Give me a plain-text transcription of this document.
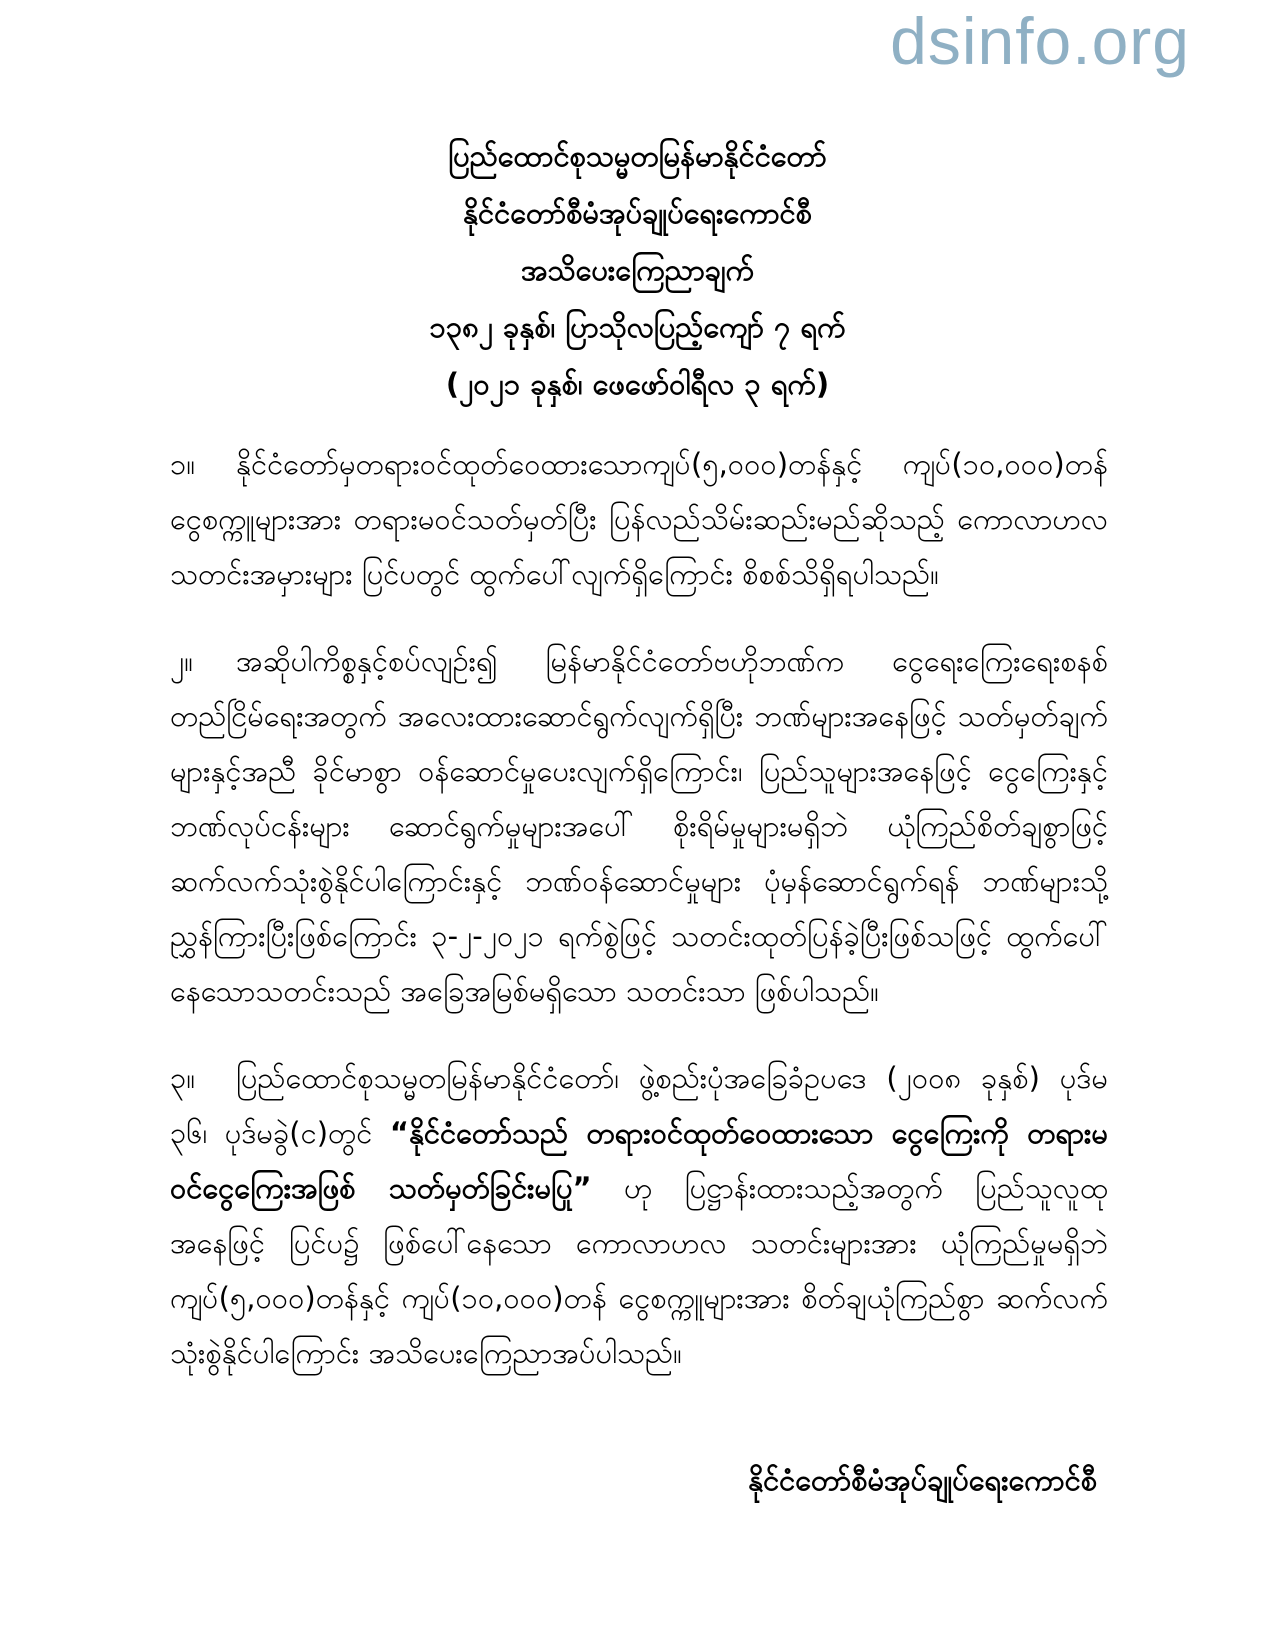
dsinfo.org
ပြည်ထောင်စုသမ္မတမြန်မာနိုင်ငံတော်
နိုင်ငံတော်စီမံအုပ်ချုပ်ရေးကောင်စီ
အသိပေးကြေညာချက်
၁၃၈၂ ခုနှစ်၊ ပြာသိုလပြည့်ကျော် ၇ ရက်
(၂၀၂၁ ခုနှစ်၊ ဖေဖော်ဝါရီလ ၃ ရက်)

၁။ နိုင်ငံတော်မှတရားဝင်ထုတ်ဝေထားသောကျပ်(၅,၀၀၀)တန်နှင့် ကျပ်(၁၀,၀၀၀)တန် ငွေစက္ကူများအား တရားမဝင်သတ်မှတ်ပြီး ပြန်လည်သိမ်းဆည်းမည်ဆိုသည့် ကောလာဟလ သတင်းအမှားများ ပြင်ပတွင် ထွက်ပေါ်လျက်ရှိကြောင်း စိစစ်သိရှိရပါသည်။

၂။ အဆိုပါကိစ္စနှင့်စပ်လျဉ်း၍ မြန်မာနိုင်ငံတော်ဗဟိုဘဏ်က ငွေရေးကြေးရေးစနစ် တည်ငြိမ်ရေးအတွက် အလေးထားဆောင်ရွက်လျက်ရှိပြီး ဘဏ်များအနေဖြင့် သတ်မှတ်ချက်များနှင့်အညီ ခိုင်မာစွာ ဝန်ဆောင်မှုပေးလျက်ရှိကြောင်း၊ ပြည်သူများအနေဖြင့် ငွေကြေးနှင့်ဘဏ်လုပ်ငန်းများ ဆောင်ရွက်မှုများအပေါ် စိုးရိမ်မှုများမရှိဘဲ ယုံကြည်စိတ်ချစွာဖြင့် ဆက်လက်သုံးစွဲနိုင်ပါကြောင်းနှင့် ဘဏ်ဝန်ဆောင်မှုများ ပုံမှန်ဆောင်ရွက်ရန် ဘဏ်များသို့ ညွှန်ကြားပြီးဖြစ်ကြောင်း ၃-၂-၂၀၂၁ ရက်စွဲဖြင့် သတင်းထုတ်ပြန်ခဲ့ပြီးဖြစ်သဖြင့် ထွက်ပေါ်နေသောသတင်းသည် အခြေအမြစ်မရှိသော သတင်းသာ ဖြစ်ပါသည်။

၃။ ပြည်ထောင်စုသမ္မတမြန်မာနိုင်ငံတော်၊ ဖွဲ့စည်းပုံအခြေခံဥပဒေ (၂၀၀၈ ခုနှစ်) ပုဒ်မ ၃၆၊ ပုဒ်မခွဲ(င)တွင် “နိုင်ငံတော်သည် တရားဝင်ထုတ်ဝေထားသော ငွေကြေးကို တရားမဝင်ငွေကြေးအဖြစ် သတ်မှတ်ခြင်းမပြု” ဟု ပြဋ္ဌာန်းထားသည့်အတွက် ပြည်သူလူထုအနေဖြင့် ပြင်ပ၌ ဖြစ်ပေါ်နေသော ကောလာဟလ သတင်းများအား ယုံကြည်မှုမရှိဘဲ ကျပ်(၅,၀၀၀)တန်နှင့် ကျပ်(၁၀,၀၀၀)တန် ငွေစက္ကူများအား စိတ်ချယုံကြည်စွာ ဆက်လက်သုံးစွဲနိုင်ပါကြောင်း အသိပေးကြေညာအပ်ပါသည်။

နိုင်ငံတော်စီမံအုပ်ချုပ်ရေးကောင်စီ
